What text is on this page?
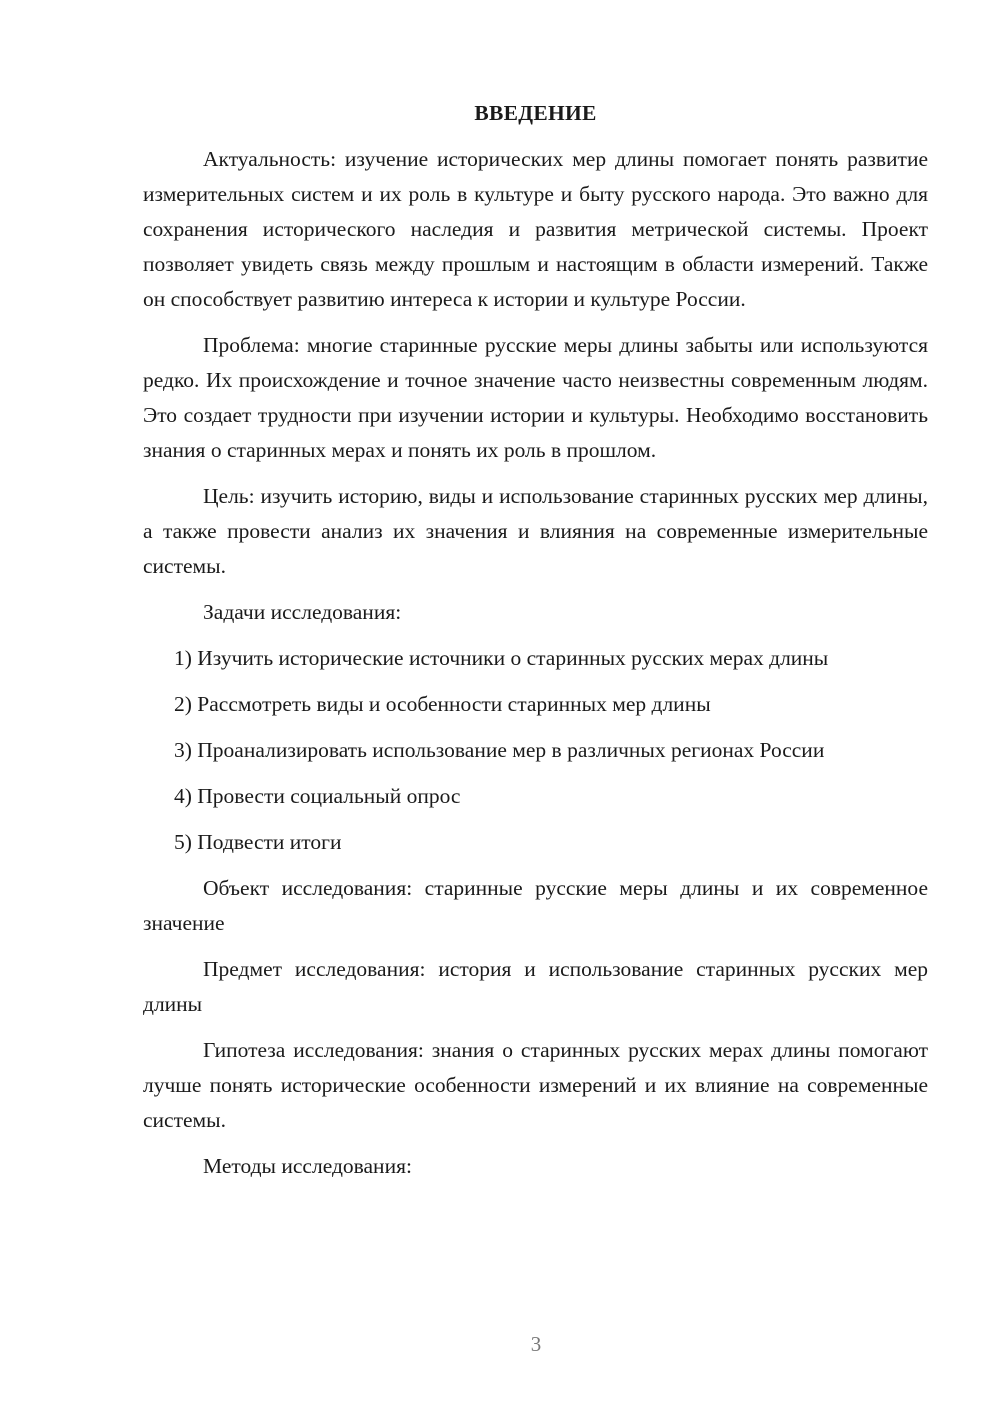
ВВЕДЕНИЕ

Актуальность: изучение исторических мер длины помогает понять развитие измерительных систем и их роль в культуре и быту русского народа. Это важно для сохранения исторического наследия и развития метрической системы. Проект позволяет увидеть связь между прошлым и настоящим в области измерений. Также он способствует развитию интереса к истории и культуре России.

Проблема: многие старинные русские меры длины забыты или используются редко. Их происхождение и точное значение часто неизвестны современным людям. Это создает трудности при изучении истории и культуры. Необходимо восстановить знания о старинных мерах и понять их роль в прошлом.

Цель: изучить историю, виды и использование старинных русских мер длины, а также провести анализ их значения и влияния на современные измерительные системы.

Задачи исследования:

1) Изучить исторические источники о старинных русских мерах длины

2) Рассмотреть виды и особенности старинных мер длины

3) Проанализировать использование мер в различных регионах России

4) Провести социальный опрос

5) Подвести итоги

Объект исследования: старинные русские меры длины и их современное значение

Предмет исследования: история и использование старинных русских мер длины

Гипотеза исследования: знания о старинных русских мерах длины помогают лучше понять исторические особенности измерений и их влияние на современные системы.

Методы исследования:

3
